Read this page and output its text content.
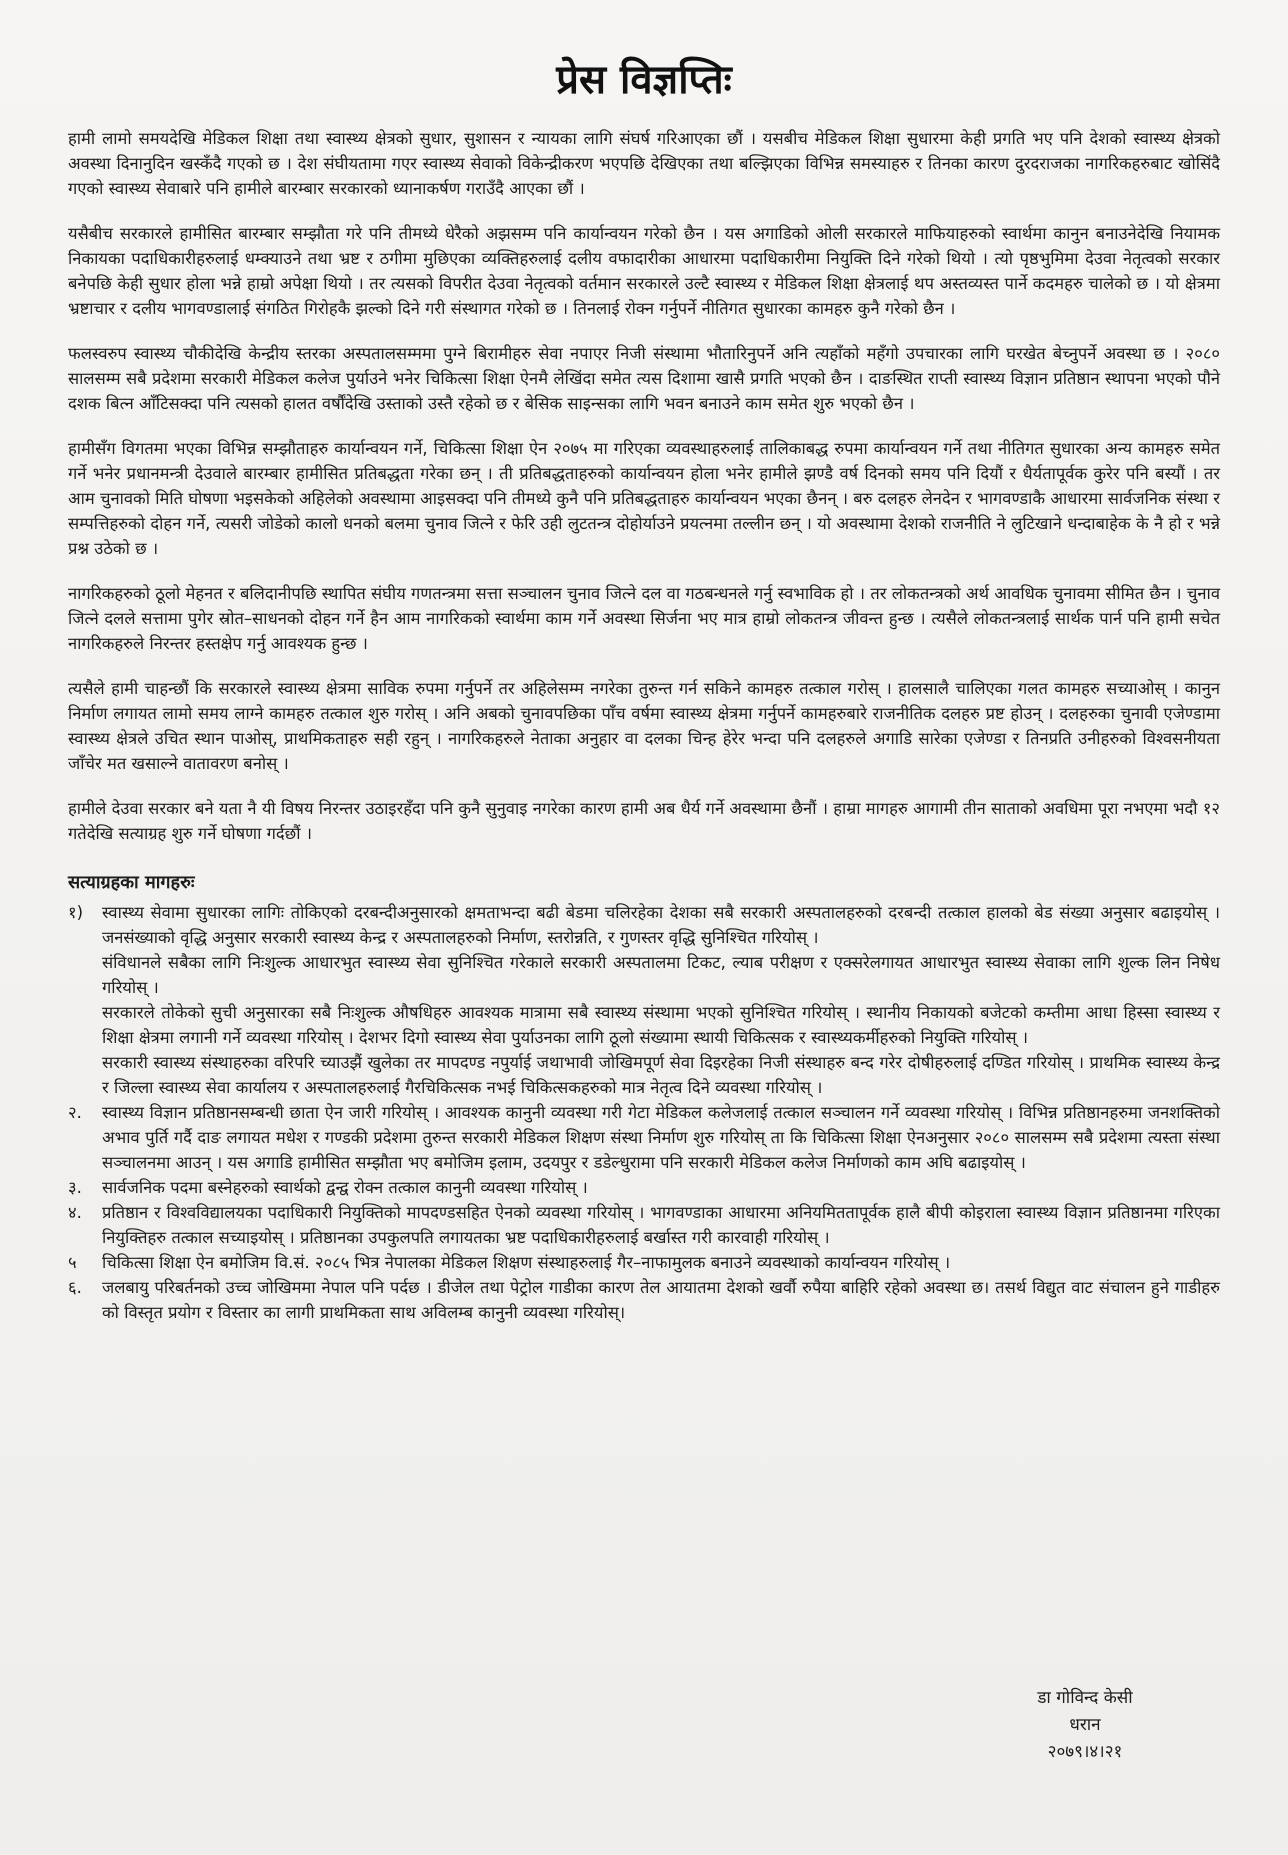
प्रेस विज्ञप्तिः

हामी लामो समयदेखि मेडिकल शिक्षा तथा स्वास्थ्य क्षेत्रको सुधार, सुशासन र न्यायका लागि संघर्ष गरिआएका छौं । यसबीच मेडिकल शिक्षा सुधारमा केही प्रगति भए पनि देशको स्वास्थ्य क्षेत्रको अवस्था दिनानुदिन खस्कँदै गएको छ । देश संघीयतामा गएर स्वास्थ्य सेवाको विकेन्द्रीकरण भएपछि देखिएका तथा बल्झिएका विभिन्न समस्याहरु र तिनका कारण दुरदराजका नागरिकहरुबाट खोसिंदै गएको स्वास्थ्य सेवाबारे पनि हामीले बारम्बार सरकारको ध्यानाकर्षण गराउँदै आएका छौं ।

यसैबीच सरकारले हामीसित बारम्बार सम्झौता गरे पनि तीमध्ये धेरैको अझसम्म पनि कार्यान्वयन गरेको छैन । यस अगाडिको ओली सरकारले माफियाहरुको स्वार्थमा कानुन बनाउनेदेखि नियामक निकायका पदाधिकारीहरुलाई धम्क्याउने तथा भ्रष्ट र ठगीमा मुछिएका व्यक्तिहरुलाई दलीय वफादारीका आधारमा पदाधिकारीमा नियुक्ति दिने गरेको थियो । त्यो पृष्ठभुमिमा देउवा नेतृत्वको सरकार बनेपछि केही सुधार होला भन्ने हाम्रो अपेक्षा थियो । तर त्यसको विपरीत देउवा नेतृत्वको वर्तमान सरकारले उल्टै स्वास्थ्य र मेडिकल शिक्षा क्षेत्रलाई थप अस्तव्यस्त पार्ने कदमहरु चालेको छ । यो क्षेत्रमा भ्रष्टाचार र दलीय भागवण्डालाई संगठित गिरोहकै झल्को दिने गरी संस्थागत गरेको छ । तिनलाई रोक्न गर्नुपर्ने नीतिगत सुधारका कामहरु कुनै गरेको छैन ।

फलस्वरुप स्वास्थ्य चौकीदेखि केन्द्रीय स्तरका अस्पतालसम्ममा पुग्ने बिरामीहरु सेवा नपाएर निजी संस्थामा भौतारिनुपर्ने अनि त्यहाँको महँगो उपचारका लागि घरखेत बेच्नुपर्ने अवस्था छ । २०८० सालसम्म सबै प्रदेशमा सरकारी मेडिकल कलेज पुर्याउने भनेर चिकित्सा शिक्षा ऐनमै लेखिंदा समेत त्यस दिशामा खासै प्रगति भएको छैन । दाङस्थित राप्ती स्वास्थ्य विज्ञान प्रतिष्ठान स्थापना भएको पौने दशक बित्न आँटिसक्दा पनि त्यसको हालत वर्षौंदेखि उस्ताको उस्तै रहेको छ र बेसिक साइन्सका लागि भवन बनाउने काम समेत शुरु भएको छैन ।

हामीसँग विगतमा भएका विभिन्न सम्झौताहरु कार्यान्वयन गर्ने, चिकित्सा शिक्षा ऐन २०७५ मा गरिएका व्यवस्थाहरुलाई तालिकाबद्ध रुपमा कार्यान्वयन गर्ने तथा नीतिगत सुधारका अन्य कामहरु समेत गर्ने भनेर प्रधानमन्त्री देउवाले बारम्बार हामीसित प्रतिबद्धता गरेका छन् । ती प्रतिबद्धताहरुको कार्यान्वयन होला भनेर हामीले झण्डै वर्ष दिनको समय पनि दियौं र धैर्यतापूर्वक कुरेर पनि बस्यौं । तर आम चुनावको मिति घोषणा भइसकेको अहिलेको अवस्थामा आइसक्दा पनि तीमध्ये कुनै पनि प्रतिबद्धताहरु कार्यान्वयन भएका छैनन् । बरु दलहरु लेनदेन र भागवण्डाकै आधारमा सार्वजनिक संस्था र सम्पत्तिहरुको दोहन गर्ने, त्यसरी जोडेको कालो धनको बलमा चुनाव जित्ने र फेरि उही लुटतन्त्र दोहोर्याउने प्रयत्नमा तल्लीन छन् । यो अवस्थामा देशको राजनीति ने लुटिखाने धन्दाबाहेक के नै हो र भन्ने प्रश्न उठेको छ ।

नागरिकहरुको ठूलो मेहनत र बलिदानीपछि स्थापित संघीय गणतन्त्रमा सत्ता सञ्चालन चुनाव जित्ने दल वा गठबन्धनले गर्नु स्वभाविक हो । तर लोकतन्त्रको अर्थ आवधिक चुनावमा सीमित छैन । चुनाव जित्ने दलले सत्तामा पुगेर स्रोत–साधनको दोहन गर्ने हैन आम नागरिकको स्वार्थमा काम गर्ने अवस्था सिर्जना भए मात्र हाम्रो लोकतन्त्र जीवन्त हुन्छ । त्यसैले लोकतन्त्रलाई सार्थक पार्न पनि हामी सचेत नागरिकहरुले निरन्तर हस्तक्षेप गर्नु आवश्यक हुन्छ ।

त्यसैले हामी चाहन्छौं कि सरकारले स्वास्थ्य क्षेत्रमा साविक रुपमा गर्नुपर्ने तर अहिलेसम्म नगरेका तुरुन्त गर्न सकिने कामहरु तत्काल गरोस् । हालसालै चालिएका गलत कामहरु सच्याओस् । कानुन निर्माण लगायत लामो समय लाग्ने कामहरु तत्काल शुरु गरोस् । अनि अबको चुनावपछिका पाँच वर्षमा स्वास्थ्य क्षेत्रमा गर्नुपर्ने कामहरुबारे राजनीतिक दलहरु प्रष्ट होउन् । दलहरुका चुनावी एजेण्डामा स्वास्थ्य क्षेत्रले उचित स्थान पाओस्, प्राथमिकताहरु सही रहुन् । नागरिकहरुले नेताका अनुहार वा दलका चिन्ह हेरेर भन्दा पनि दलहरुले अगाडि सारेका एजेण्डा र तिनप्रति उनीहरुको विश्वसनीयता जाँचेर मत खसाल्ने वातावरण बनोस् ।

हामीले देउवा सरकार बने यता नै यी विषय निरन्तर उठाइरहँदा पनि कुनै सुनुवाइ नगरेका कारण हामी अब धैर्य गर्ने अवस्थामा छैनौं । हाम्रा मागहरु आगामी तीन साताको अवधिमा पूरा नभएमा भदौ १२ गतेदेखि सत्याग्रह शुरु गर्ने घोषणा गर्दछौं ।

सत्याग्रहका मागहरुः
१)	स्वास्थ्य सेवामा सुधारका लागिः तोकिएको दरबन्दीअनुसारको क्षमताभन्दा बढी बेडमा चलिरहेका देशका सबै सरकारी अस्पतालहरुको दरबन्दी तत्काल हालको बेड संख्या अनुसार बढाइयोस् । जनसंख्याको वृद्धि अनुसार सरकारी स्वास्थ्य केन्द्र र अस्पतालहरुको निर्माण, स्तरोन्नति, र गुणस्तर वृद्धि सुनिश्चित गरियोस् ।
संविधानले सबैका लागि निःशुल्क आधारभुत स्वास्थ्य सेवा सुनिश्चित गरेकाले सरकारी अस्पतालमा टिकट, ल्याब परीक्षण र एक्सरेलगायत आधारभुत स्वास्थ्य सेवाका लागि शुल्क लिन निषेध गरियोस् ।
सरकारले तोकेको सुची अनुसारका सबै निःशुल्क औषधिहरु आवश्यक मात्रामा सबै स्वास्थ्य संस्थामा भएको सुनिश्चित गरियोस् । स्थानीय निकायको बजेटको कम्तीमा आधा हिस्सा स्वास्थ्य र शिक्षा क्षेत्रमा लगानी गर्ने व्यवस्था गरियोस् । देशभर दिगो स्वास्थ्य सेवा पुर्याउनका लागि ठूलो संख्यामा स्थायी चिकित्सक र स्वास्थ्यकर्मीहरुको नियुक्ति गरियोस् ।
सरकारी स्वास्थ्य संस्थाहरुका वरिपरि च्याउझैं खुलेका तर मापदण्ड नपुर्याई जथाभावी जोखिमपूर्ण सेवा दिइरहेका निजी संस्थाहरु बन्द गरेर दोषीहरुलाई दण्डित गरियोस् । प्राथमिक स्वास्थ्य केन्द्र र जिल्ला स्वास्थ्य सेवा कार्यालय र अस्पतालहरुलाई गैरचिकित्सक नभई चिकित्सकहरुको मात्र नेतृत्व दिने व्यवस्था गरियोस् ।
२.	स्वास्थ्य विज्ञान प्रतिष्ठानसम्बन्धी छाता ऐन जारी गरियोस् । आवश्यक कानुनी व्यवस्था गरी गेटा मेडिकल कलेजलाई तत्काल सञ्चालन गर्ने व्यवस्था गरियोस् । विभिन्न प्रतिष्ठानहरुमा जनशक्तिको अभाव पुर्ति गर्दै दाङ लगायत मधेश र गण्डकी प्रदेशमा तुरुन्त सरकारी मेडिकल शिक्षण संस्था निर्माण शुरु गरियोस् ता कि चिकित्सा शिक्षा ऐनअनुसार २०८० सालसम्म सबै प्रदेशमा त्यस्ता संस्था सञ्चालनमा आउन् । यस अगाडि हामीसित सम्झौता भए बमोजिम इलाम, उदयपुर र डडेल्धुरामा पनि सरकारी मेडिकल कलेज निर्माणको काम अघि बढाइयोस् ।
३.	सार्वजनिक पदमा बस्नेहरुको स्वार्थको द्वन्द्व रोक्न तत्काल कानुनी व्यवस्था गरियोस् ।
४.	प्रतिष्ठान र विश्वविद्यालयका पदाधिकारी नियुक्तिको मापदण्डसहित ऐनको व्यवस्था गरियोस् । भागवण्डाका आधारमा अनियमिततापूर्वक हालै बीपी कोइराला स्वास्थ्य विज्ञान प्रतिष्ठानमा गरिएका नियुक्तिहरु तत्काल सच्याइयोस् । प्रतिष्ठानका उपकुलपति लगायतका भ्रष्ट पदाधिकारीहरुलाई बर्खास्त गरी कारवाही गरियोस् ।
५	चिकित्सा शिक्षा ऐन बमोजिम वि.सं. २०८५ भित्र नेपालका मेडिकल शिक्षण संस्थाहरुलाई गैर–नाफामुलक बनाउने व्यवस्थाको कार्यान्वयन गरियोस् ।
६.	जलबायु परिबर्तनको उच्च जोखिममा नेपाल पनि पर्दछ । डीजेल तथा पेट्रोल गाडीका कारण तेल आयातमा देशको खर्वौ रुपैया बाहिरि रहेको अवस्था छ। तसर्थ विद्युत वाट संचालन हुने गाडीहरु को विस्तृत प्रयोग र विस्तार का लागी प्राथमिकता साथ अविलम्ब कानुनी व्यवस्था गरियोस्।
डा गोविन्द केसी
धरान
२०७९।४।२१
